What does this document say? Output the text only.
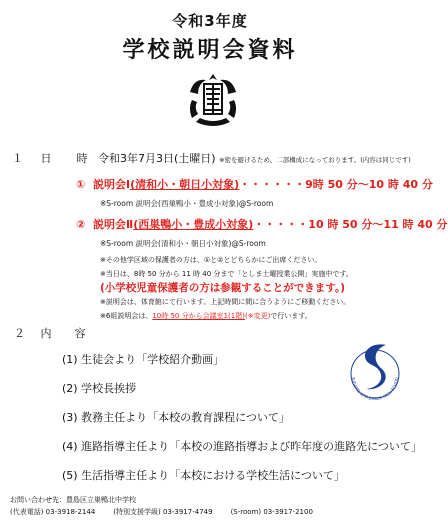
令和3年度
学校説明会資料
１ 日　時 令和3年7月3日(土曜日) ※密を避けるため、二部構成になっております。(内容は同じです)
① 説明会Ⅰ(清和小・朝日小対象)・・・・・・9時 50 分～10 時 40 分
※S-room 説明会(西巣鴨小・豊成小対象)@S-room
② 説明会Ⅱ(西巣鴨小・豊成小対象)・・・・・10 時 50 分～11 時 40 分
※S-room 説明会(清和小・朝日小対象)@S-room
※その他学区域の保護者の方は、①と②とどちらかにご出席ください。
※当日は、8時 50 分から 11 時 40 分まで「としま土曜授業公開」実施中です。
(小学校児童保護者の方は参観することができます。)
※説明会は、体育館にて行います。上記時間に間に合うようにご移動ください。
※6組説明会は、10時 50 分から会議室1(1階)(※変更)で行います。
２ 内　容
(1) 生徒会より「学校紹介動画」
(2) 学校長挨拶
(3) 教務主任より「本校の教育課程について」
(4) 進路指導主任より「本校の進路指導および昨年度の進路先について」
(5) 生活指導主任より「本校における学校生活について」
SUGAMO-KITA JUNIOR HIGH SCHOO
お問い合わせ先：豊島区立巣鴨北中学校
(代表電話) 03-3918-2144	(特別支援学級) 03-3917-4749	(S-room) 03-3917-2100
